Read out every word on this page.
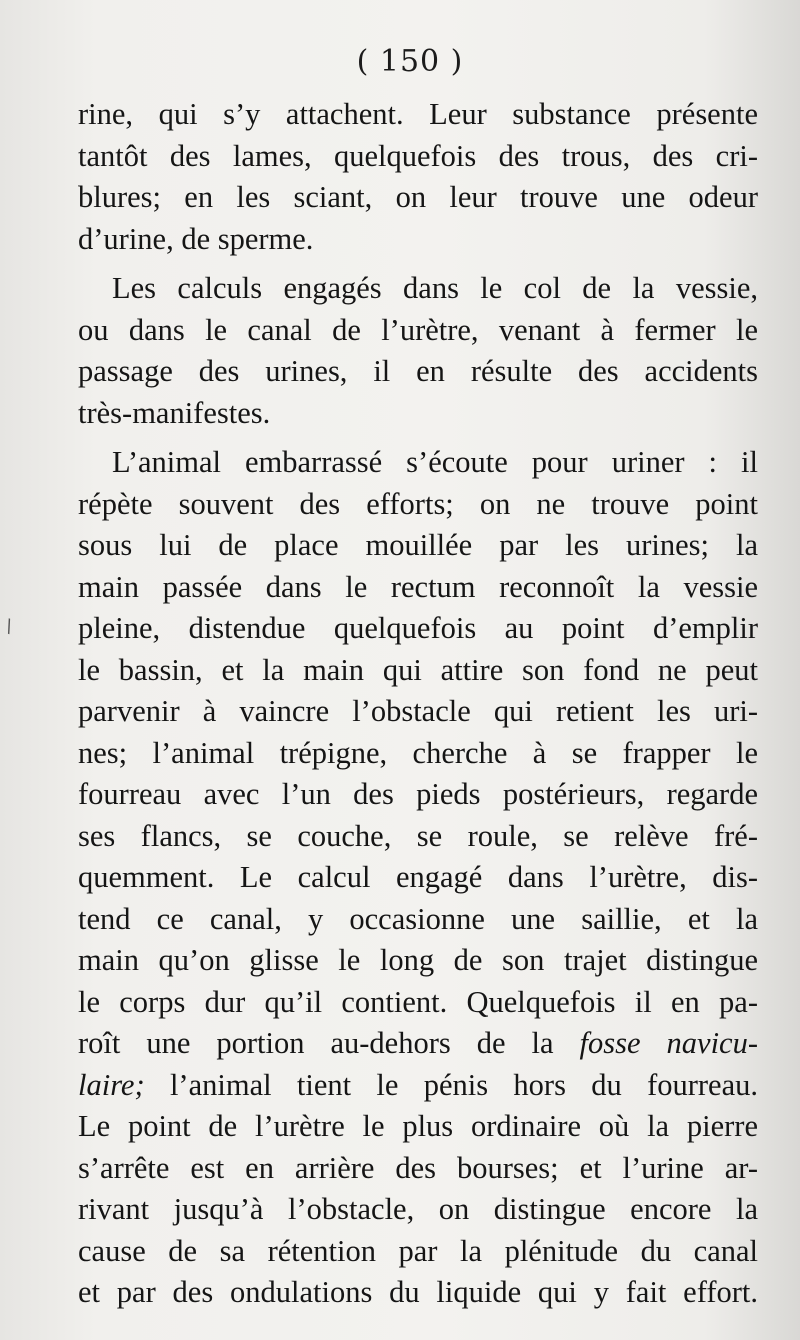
( 150 )
\
rine, qui s’y attachent. Leur substance présente
tantôt des lames, quelquefois des trous, des cri-
blures; en les sciant, on leur trouve une odeur
d’urine, de sperme.
Les calculs engagés dans le col de la vessie,
ou dans le canal de l’urètre, venant à fermer le
passage des urines, il en résulte des accidents
très-manifestes.
L’animal embarrassé s’écoute pour uriner : il
répète souvent des efforts; on ne trouve point
sous lui de place mouillée par les urines; la
main passée dans le rectum reconnoît la vessie
pleine, distendue quelquefois au point d’emplir
le bassin, et la main qui attire son fond ne peut
parvenir à vaincre l’obstacle qui retient les uri-
nes; l’animal trépigne, cherche à se frapper le
fourreau avec l’un des pieds postérieurs, regarde
ses flancs, se couche, se roule, se relève fré-
quemment. Le calcul engagé dans l’urètre, dis-
tend ce canal, y occasionne une saillie, et la
main qu’on glisse le long de son trajet distingue
le corps dur qu’il contient. Quelquefois il en pa-
roît une portion au-dehors de la fosse navicu-
laire; l’animal tient le pénis hors du fourreau.
Le point de l’urètre le plus ordinaire où la pierre
s’arrête est en arrière des bourses; et l’urine ar-
rivant jusqu’à l’obstacle, on distingue encore la
cause de sa rétention par la plénitude du canal
et par des ondulations du liquide qui y fait effort.
